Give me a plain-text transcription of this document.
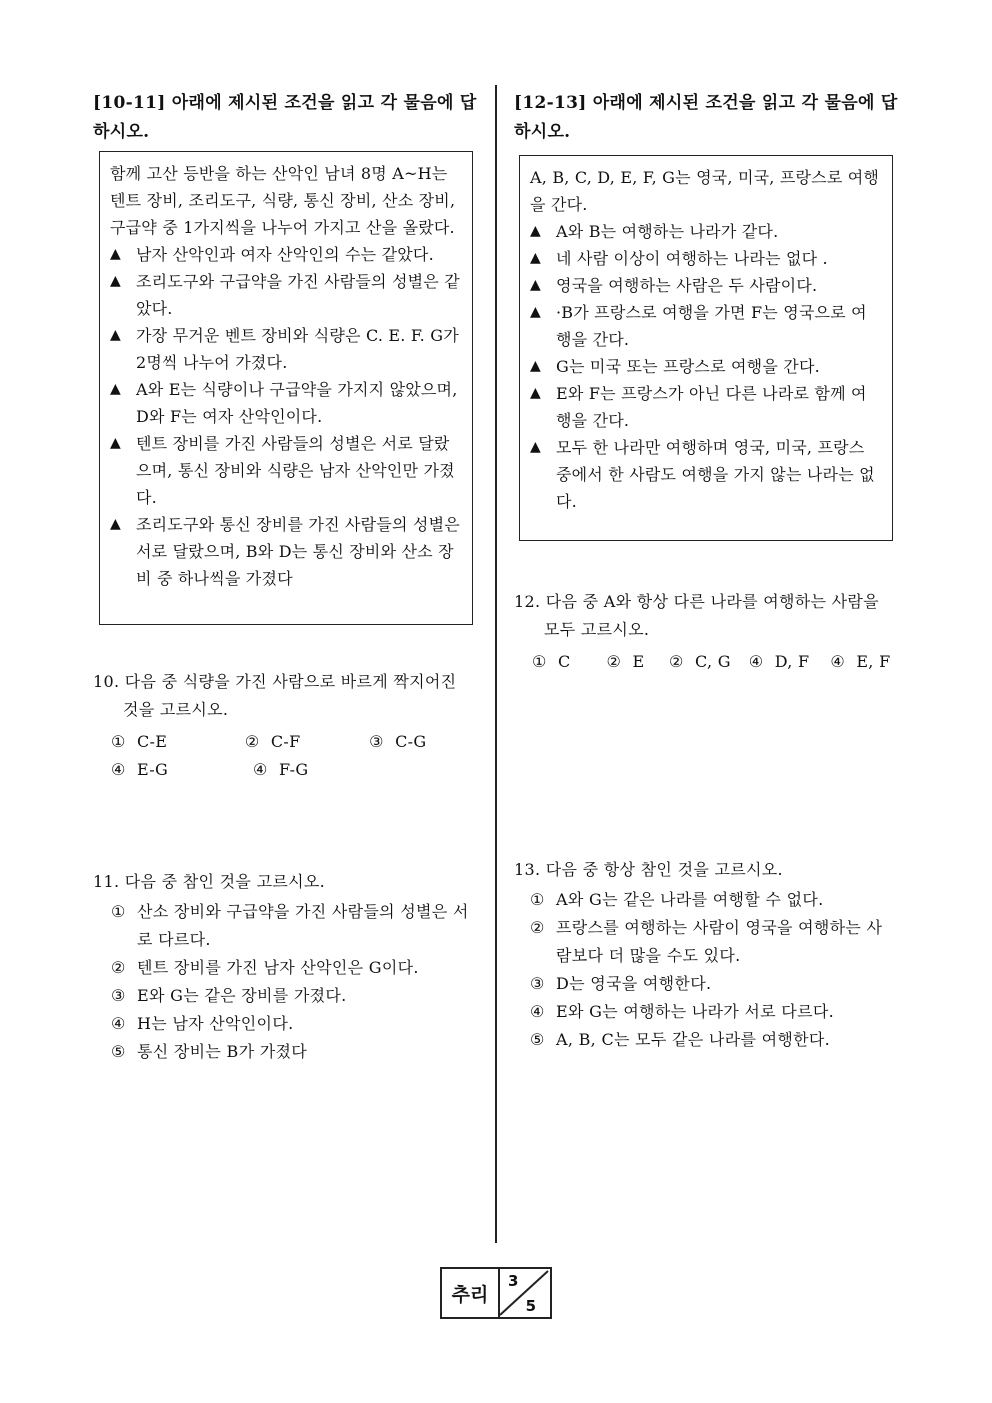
[10-11] 아래에 제시된 조건을 읽고 각 물음에 답하시오.

함께 고산 등반을 하는 산악인 남녀 8명 A~H는 텐트 장비, 조리도구, 식량, 통신 장비, 산소 장비, 구급약 중 1가지씩을 나누어 가지고 산을 올랐다.

▲ 남자 산악인과 여자 산악인의 수는 같았다.

▲ 조리도구와 구급약을 가진 사람들의 성별은 같았다.

▲ 가장 무거운 벤트 장비와 식량은 C. E. F. G가 2명씩 나누어 가졌다.

▲ A와 E는 식량이나 구급약을 가지지 않았으며, D와 F는 여자 산악인이다.

▲ 텐트 장비를 가진 사람들의 성별은 서로 달랐으며, 통신 장비와 식량은 남자 산악인만 가졌다.

▲ 조리도구와 통신 장비를 가진 사람들의 성별은 서로 달랐으며, B와 D는 통신 장비와 산소 장비 중 하나씩을 가졌다

10. 다음 중 식량을 가진 사람으로 바르게 짝지어진 것을 고르시오.

① C-E	② C-F	③ C-G

④ E-G	④ F-G

11. 다음 중 참인 것을 고르시오.

① 산소 장비와 구급약을 가진 사람들의 성별은 서로 다르다.

② 텐트 장비를 가진 남자 산악인은 G이다.

③ E와 G는 같은 장비를 가졌다.

④ H는 남자 산악인이다.

⑤ 통신 장비는 B가 가졌다

[12-13] 아래에 제시된 조건을 읽고 각 물음에 답하시오.

A, B, C, D, E, F, G는 영국, 미국, 프랑스로 여행을 간다.

▲ A와 B는 여행하는 나라가 같다.

▲ 네 사람 이상이 여행하는 나라는 없다 .

▲ 영국을 여행하는 사람은 두 사람이다.

▲ ·B가 프랑스로 여행을 가면 F는 영국으로 여행을 간다.

▲ G는 미국 또는 프랑스로 여행을 간다.

▲ E와 F는 프랑스가 아닌 다른 나라로 함께 여행을 간다.

▲ 모두 한 나라만 여행하며 영국, 미국, 프랑스 중에서 한 사람도 여행을 가지 않는 나라는 없다.

12. 다음 중 A와 항상 다른 나라를 여행하는 사람을 모두 고르시오.

① C	② E	② C, G	④ D, F	④ E, F

13. 다음 중 항상 참인 것을 고르시오.

① A와 G는 같은 나라를 여행할 수 없다.

② 프랑스를 여행하는 사람이 영국을 여행하는 사람보다 더 많을 수도 있다.

③ D는 영국을 여행한다.

④ E와 G는 여행하는 나라가 서로 다르다.

⑤ A, B, C는 모두 같은 나라를 여행한다.

추리
3
5
